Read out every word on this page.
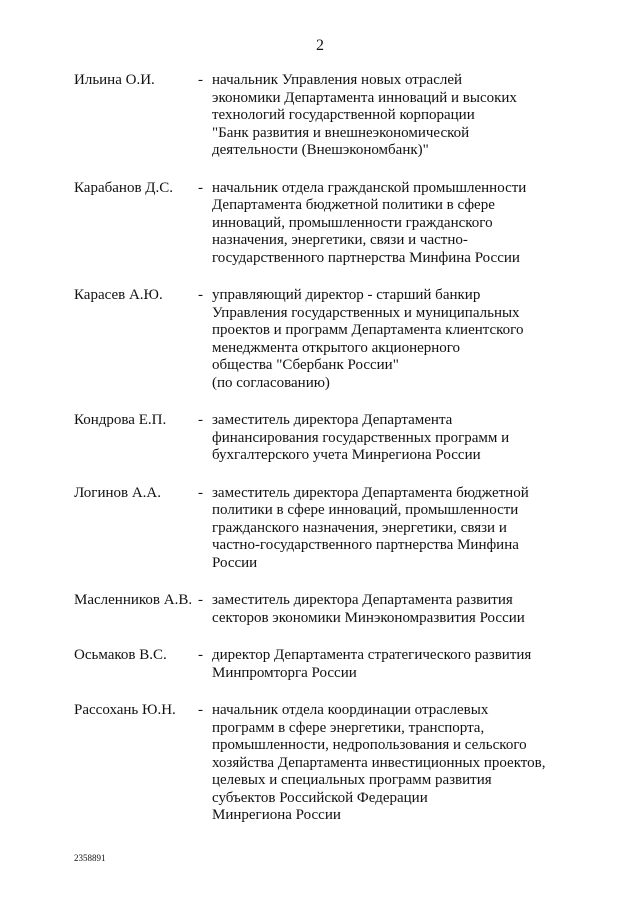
2
Ильина О.И.	- начальник Управления новых отраслей
экономики Департамента инноваций и высоких
технологий государственной корпорации
"Банк развития и внешнеэкономической
деятельности (Внешэкономбанк)"
Карабанов Д.С.	- начальник отдела гражданской промышленности
Департамента бюджетной политики в сфере
инноваций, промышленности гражданского
назначения, энергетики, связи и частно-
государственного партнерства Минфина России
Карасев А.Ю.	- управляющий директор - старший банкир
Управления государственных и муниципальных
проектов и программ Департамента клиентского
менеджмента открытого акционерного
общества "Сбербанк России"
(по согласованию)
Кондрова Е.П.	- заместитель директора Департамента
финансирования государственных программ и
бухгалтерского учета Минрегиона России
Логинов А.А.	- заместитель директора Департамента бюджетной
политики в сфере инноваций, промышленности
гражданского назначения, энергетики, связи и
частно-государственного партнерства Минфина
России
Масленников А.В. - заместитель директора Департамента развития
секторов экономики Минэкономразвития России
Осьмаков В.С.	- директор Департамента стратегического развития
Минпромторга России
Рассохань Ю.Н.	- начальник отдела координации отраслевых
программ в сфере энергетики, транспорта,
промышленности, недропользования и сельского
хозяйства Департамента инвестиционных проектов,
целевых и специальных программ развития
субъектов Российской Федерации
Минрегиона России
2358891
